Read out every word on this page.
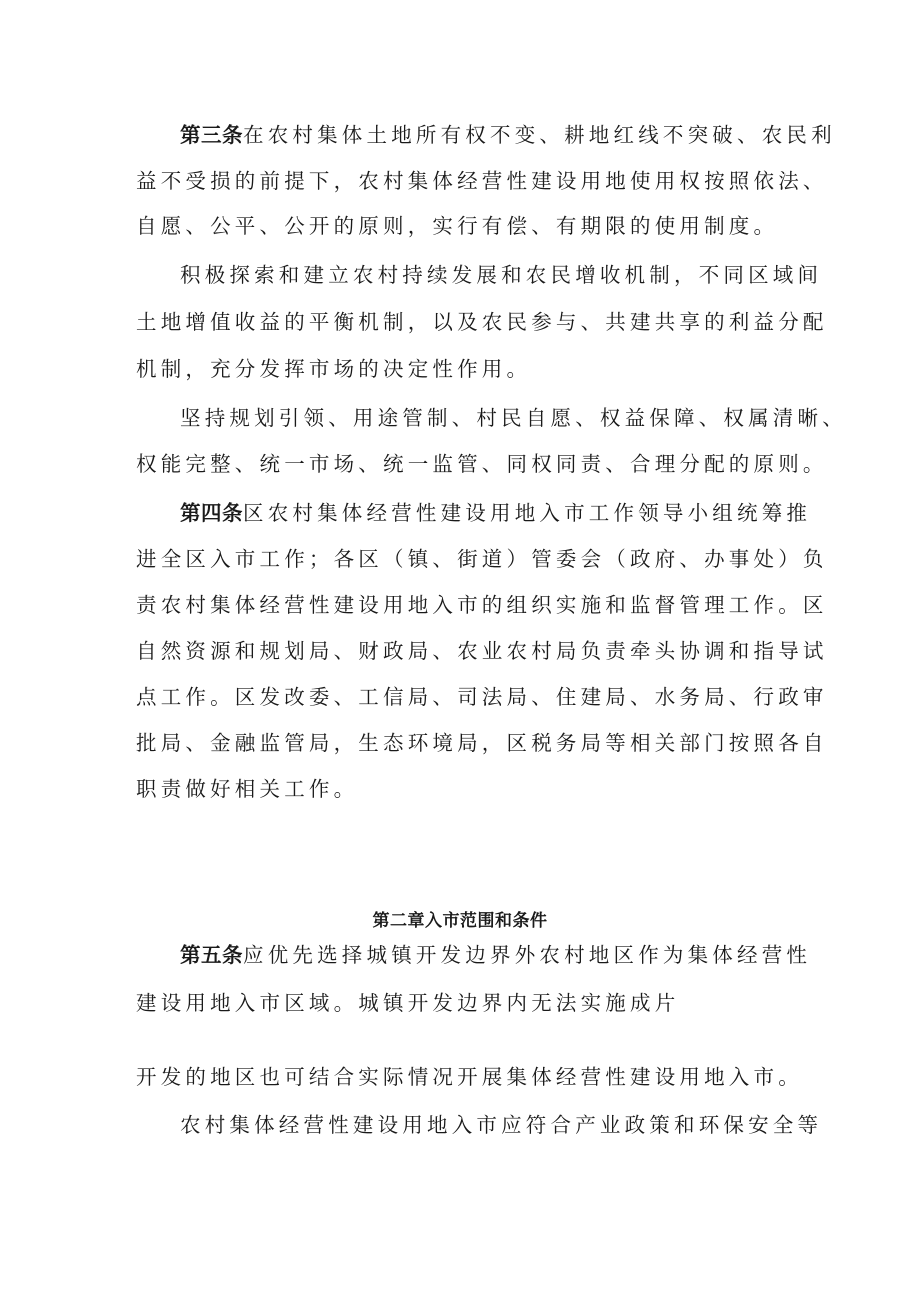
第三条在农村集体土地所有权不变、耕地红线不突破、农民利
益不受损的前提下，农村集体经营性建设用地使用权按照依法、
自愿、公平、公开的原则，实行有偿、有期限的使用制度。
积极探索和建立农村持续发展和农民增收机制，不同区域间
土地增值收益的平衡机制，以及农民参与、共建共享的利益分配
机制，充分发挥市场的决定性作用。
坚持规划引领、用途管制、村民自愿、权益保障、权属清晰、
权能完整、统一市场、统一监管、同权同责、合理分配的原则。
第四条区农村集体经营性建设用地入市工作领导小组统筹推
进全区入市工作；各区（镇、街道）管委会（政府、办事处）负
责农村集体经营性建设用地入市的组织实施和监督管理工作。区
自然资源和规划局、财政局、农业农村局负责牵头协调和指导试
点工作。区发改委、工信局、司法局、住建局、水务局、行政审
批局、金融监管局，生态环境局，区税务局等相关部门按照各自
职责做好相关工作。
第二章入市范围和条件
第五条应优先选择城镇开发边界外农村地区作为集体经营性
建设用地入市区域。城镇开发边界内无法实施成片
开发的地区也可结合实际情况开展集体经营性建设用地入市。
农村集体经营性建设用地入市应符合产业政策和环保安全等
